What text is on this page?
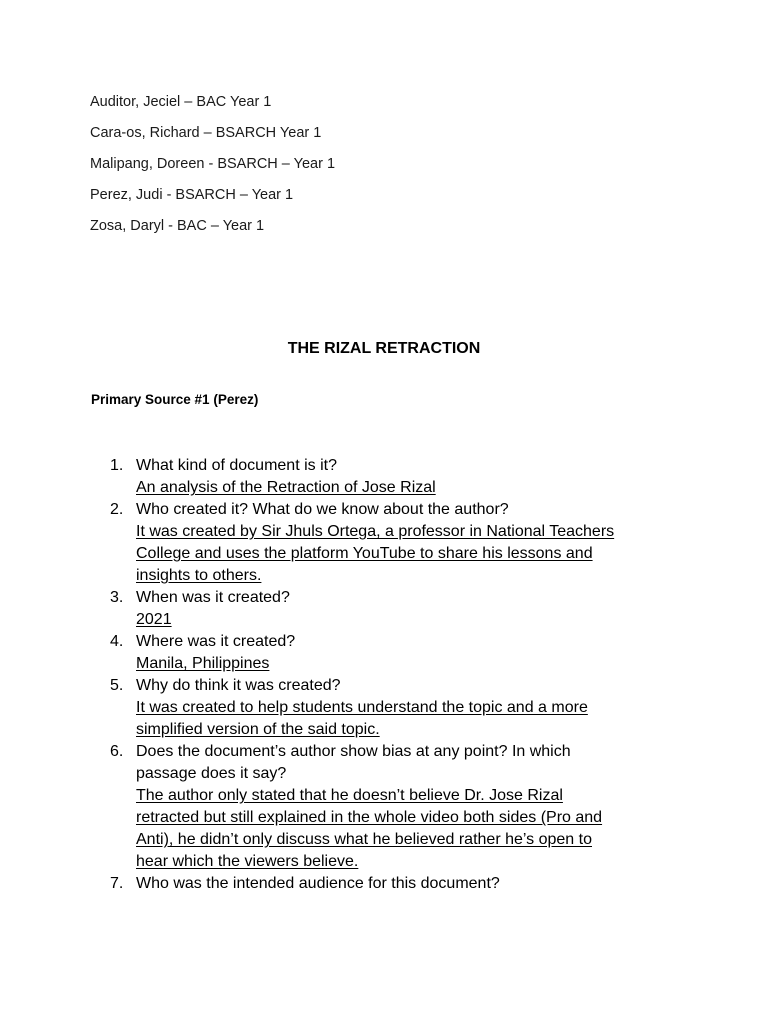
Auditor, Jeciel – BAC Year 1
Cara-os, Richard – BSARCH Year 1
Malipang, Doreen - BSARCH – Year 1
Perez, Judi - BSARCH – Year 1
Zosa, Daryl - BAC – Year 1
THE RIZAL RETRACTION
Primary Source #1 (Perez)
1. What kind of document is it?
An analysis of the Retraction of Jose Rizal
2. Who created it? What do we know about the author?
It was created by Sir Jhuls Ortega, a professor in National Teachers
College and uses the platform YouTube to share his lessons and
insights to others.
3. When was it created?
2021
4. Where was it created?
Manila, Philippines
5. Why do think it was created?
It was created to help students understand the topic and a more
simplified version of the said topic.
6. Does the document’s author show bias at any point? In which
passage does it say?
The author only stated that he doesn’t believe Dr. Jose Rizal
retracted but still explained in the whole video both sides (Pro and
Anti), he didn’t only discuss what he believed rather he’s open to
hear which the viewers believe.
7. Who was the intended audience for this document?
